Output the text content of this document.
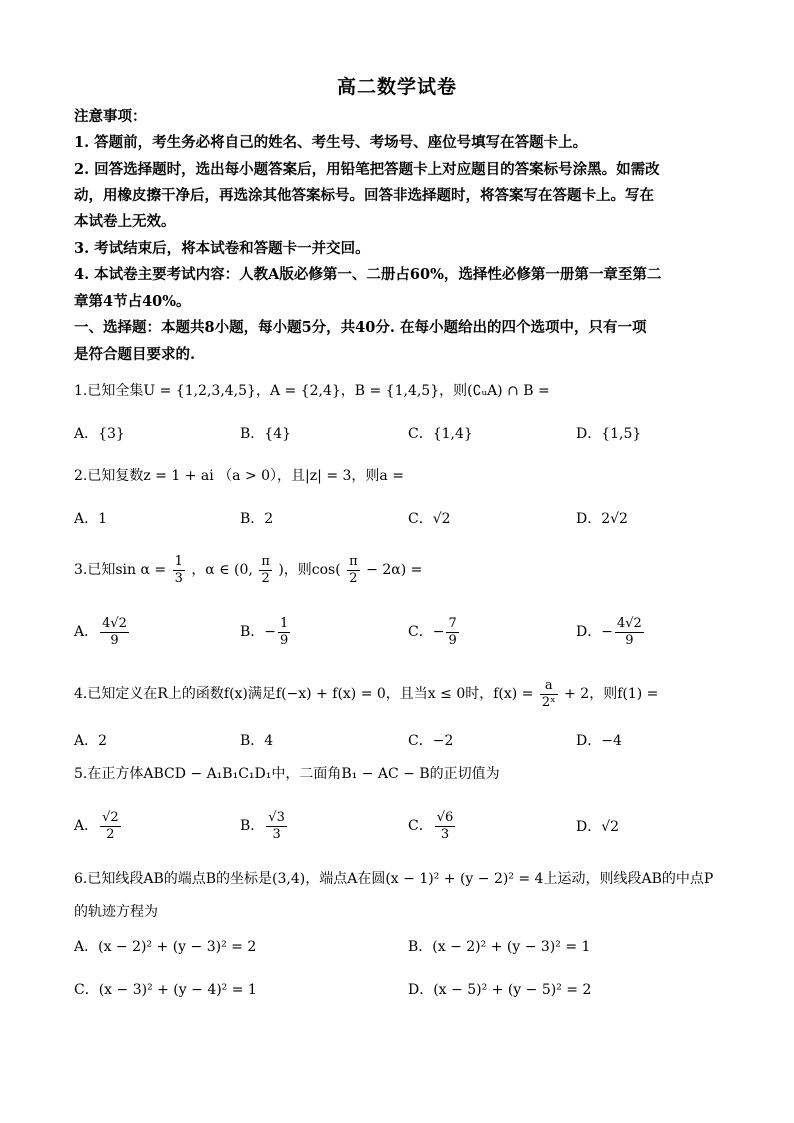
高二数学试卷
注意事项：
1. 答题前，考生务必将自己的姓名、考生号、考场号、座位号填写在答题卡上。
2. 回答选择题时，选出每小题答案后，用铅笔把答题卡上对应题目的答案标号涂黑。如需改
动，用橡皮擦干净后，再选涂其他答案标号。回答非选择题时，将答案写在答题卡上。写在
本试卷上无效。
3. 考试结束后，将本试卷和答题卡一并交回。
4. 本试卷主要考试内容：人教A版必修第一、二册占60%，选择性必修第一册第一章至第二
章第4节占40%。
一、选择题：本题共8小题，每小题5分，共40分. 在每小题给出的四个选项中，只有一项
是符合题目要求的.
1.已知全集U = {1,2,3,4,5}，A = {2,4}，B = {1,4,5}，则(∁ᵤA) ∩ B =
A．{3}	B．{4}	C．{1,4}	D．{1,5}
2.已知复数z = 1 + ai （a > 0），且|z| = 3，则a =
A．1	B．2	C．√2	D．2√2
3.已知$\sin \alpha = \frac{1}{3}$ ，α ∈ (0, $\frac{\pi}{2}$ )，则$\cos( \frac{\pi}{2} - 2\alpha)$ =
A． $\frac{4√2}{9}$	B．− $\frac{1}{9}$	C．− $\frac{7}{9}$	D．− $\frac{4√2}{9}$
4.已知定义在R上的函数f(x)满足f(−x) + f(x) = 0，且当x ≤ 0时，$f(x) = \frac{a}{\text{2ˣ}} + 2$，则f(1) =
A．2	B．4	C．−2	D．−4
5.在正方体ABCD − A₁B₁C₁D₁中，二面角B₁ − AC − B的正切值为
A． $\frac{√2}{2}$	B． $\frac{√3}{3}$	C． $\frac{√6}{3}$	D．√2
6.已知线段AB的端点B的坐标是(3,4)，端点A在圆(x − 1)² + (y − 2)² = 4上运动，则线段AB的中点P
的轨迹方程为
A．(x − 2)² + (y − 3)² = 2	B．(x − 2)² + (y − 3)² = 1
C．(x − 3)² + (y − 4)² = 1	D．(x − 5)² + (y − 5)² = 2
